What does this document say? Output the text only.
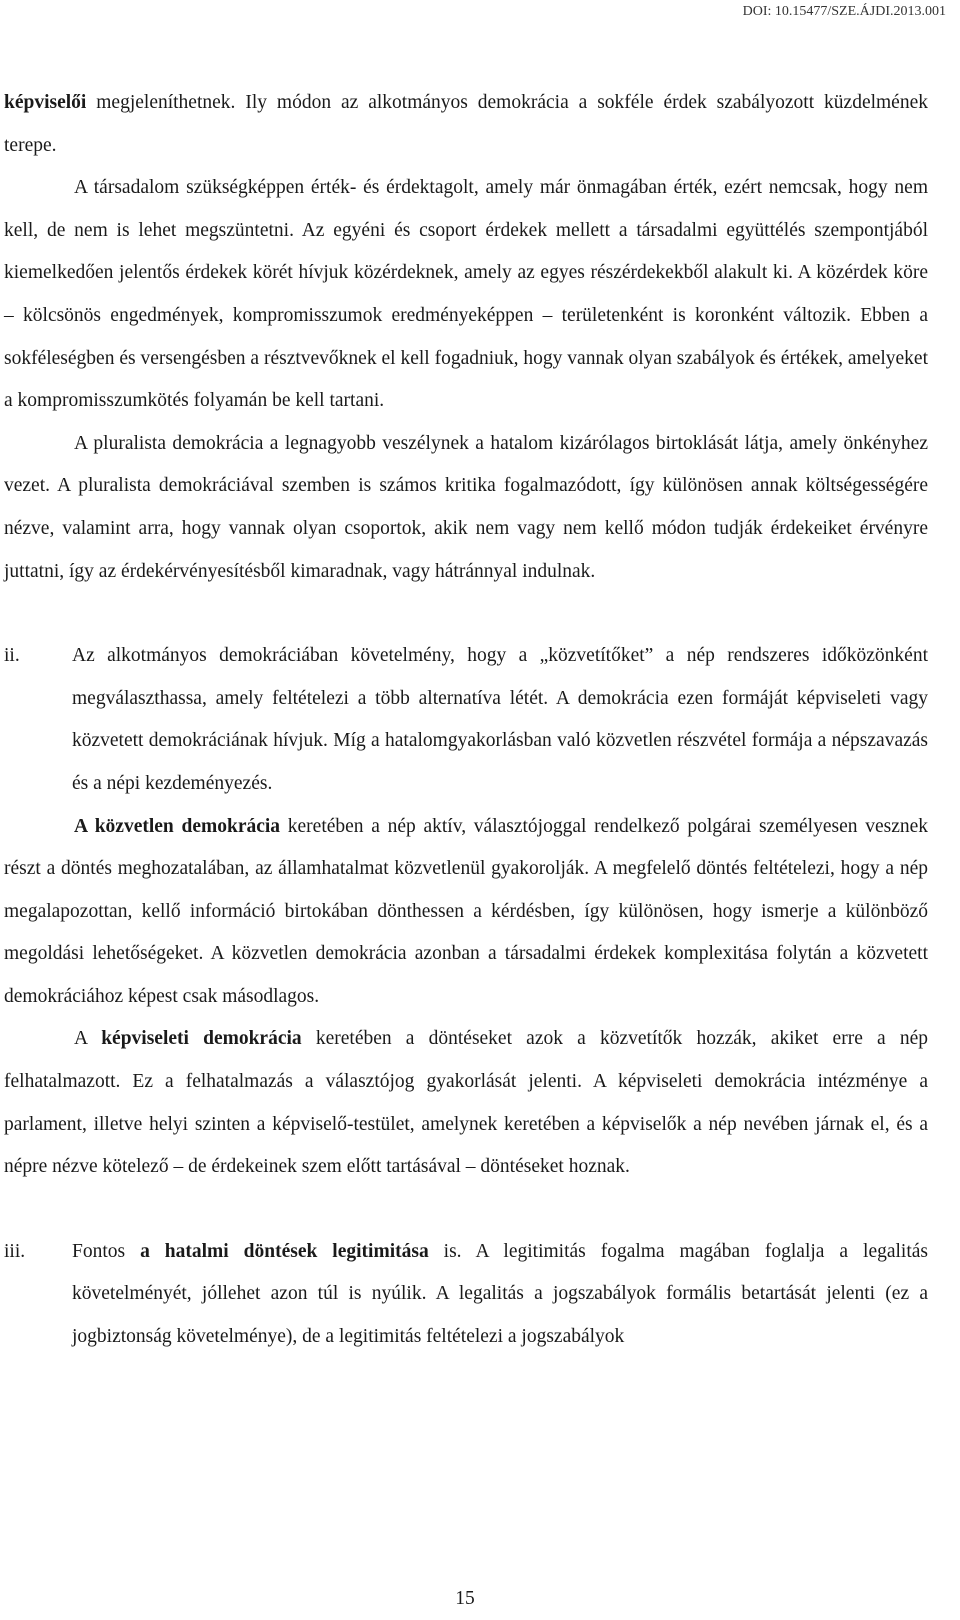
DOI: 10.15477/SZE.ÁJDI.2013.001

képviselői megjeleníthetnek. Ily módon az alkotmányos demokrácia a sokféle érdek szabályozott küzdelmének terepe.

A társadalom szükségképpen érték- és érdektagolt, amely már önmagában érték, ezért nemcsak, hogy nem kell, de nem is lehet megszüntetni. Az egyéni és csoport érdekek mellett a társadalmi együttélés szempontjából kiemelkedően jelentős érdekek körét hívjuk közérdeknek, amely az egyes részérdekekből alakult ki. A közérdek köre – kölcsönös engedmények, kompromisszumok eredményeképpen – területenként is koronként változik. Ebben a sokféleségben és versengésben a résztvevőknek el kell fogadniuk, hogy vannak olyan szabályok és értékek, amelyeket a kompromisszumkötés folyamán be kell tartani.

A pluralista demokrácia a legnagyobb veszélynek a hatalom kizárólagos birtoklását látja, amely önkényhez vezet. A pluralista demokráciával szemben is számos kritika fogalmazódott, így különösen annak költségességére nézve, valamint arra, hogy vannak olyan csoportok, akik nem vagy nem kellő módon tudják érdekeiket érvényre juttatni, így az érdekérvényesítésből kimaradnak, vagy hátránnyal indulnak.

ii.	Az alkotmányos demokráciában követelmény, hogy a „közvetítőket” a nép rendszeres időközönként megválaszthassa, amely feltételezi a több alternatíva létét. A demokrácia ezen formáját képviseleti vagy közvetett demokráciának hívjuk. Míg a hatalomgyakorlásban való közvetlen részvétel formája a népszavazás és a népi kezdeményezés.

A közvetlen demokrácia keretében a nép aktív, választójoggal rendelkező polgárai személyesen vesznek részt a döntés meghozatalában, az államhatalmat közvetlenül gyakorolják. A megfelelő döntés feltételezi, hogy a nép megalapozottan, kellő információ birtokában dönthessen a kérdésben, így különösen, hogy ismerje a különböző megoldási lehetőségeket. A közvetlen demokrácia azonban a társadalmi érdekek komplexitása folytán a közvetett demokráciához képest csak másodlagos.

A képviseleti demokrácia keretében a döntéseket azok a közvetítők hozzák, akiket erre a nép felhatalmazott. Ez a felhatalmazás a választójog gyakorlását jelenti. A képviseleti demokrácia intézménye a parlament, illetve helyi szinten a képviselő-testület, amelynek keretében a képviselők a nép nevében járnak el, és a népre nézve kötelező – de érdekeinek szem előtt tartásával – döntéseket hoznak.

iii.	Fontos a hatalmi döntések legitimitása is. A legitimitás fogalma magában foglalja a legalitás követelményét, jóllehet azon túl is nyúlik. A legalitás a jogszabályok formális betartását jelenti (ez a jogbiztonság követelménye), de a legitimitás feltételezi a jogszabályok
15
